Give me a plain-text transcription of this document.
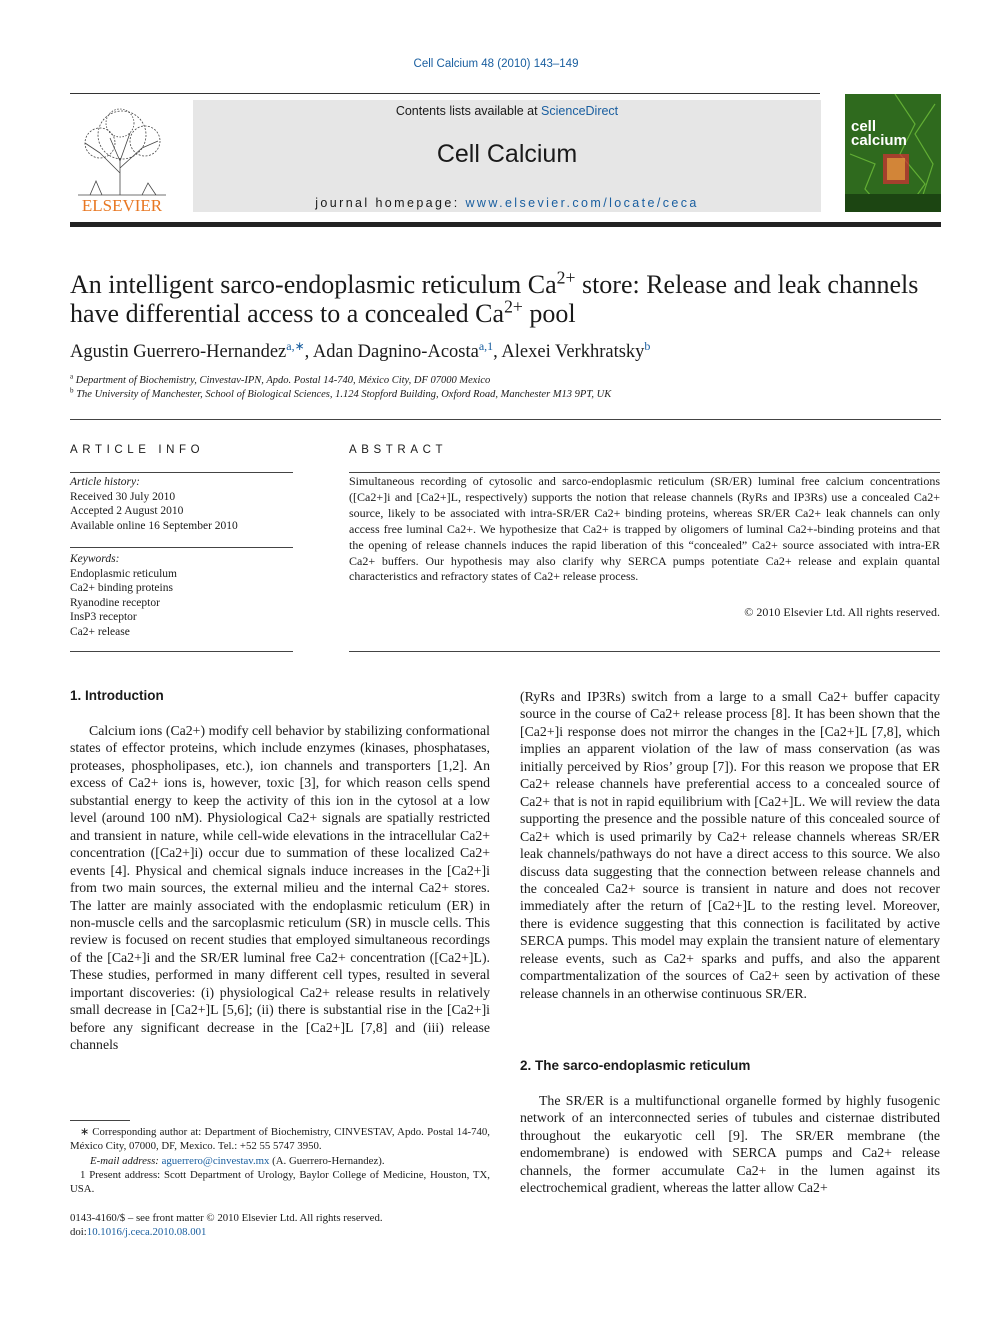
Cell Calcium 48 (2010) 143–149
ELSEVIER
Contents lists available at ScienceDirect
Cell Calcium
journal homepage: www.elsevier.com/locate/ceca
cell
calcium
An intelligent sarco-endoplasmic reticulum $Ca^{2+}$ store: Release and leak channels
have differential access to a concealed $Ca^{2+}$ pool
Agustin Guerrero-Hernandez$^{a,∗}$, Adan Dagnino-Acosta$^{a,1}$, Alexei Verkhratsky$^b$
$^a$ Department of Biochemistry, Cinvestav-IPN, Apdo. Postal 14-740, México City, DF 07000 Mexico
$^b$ The University of Manchester, School of Biological Sciences, 1.124 Stopford Building, Oxford Road, Manchester M13 9PT, UK
ARTICLE INFO
Article history:
Received 30 July 2010
Accepted 2 August 2010
Available online 16 September 2010
Keywords:
Endoplasmic reticulum
Ca2+ binding proteins
Ryanodine receptor
InsP3 receptor
Ca2+ release
ABSTRACT
Simultaneous recording of cytosolic and sarco-endoplasmic reticulum (SR/ER) luminal free calcium concentrations ([Ca2+]i and [Ca2+]L, respectively) supports the notion that release channels (RyRs and IP3Rs) use a concealed Ca2+ source, likely to be associated with intra-SR/ER Ca2+ binding proteins, whereas SR/ER Ca2+ leak channels can only access free luminal Ca2+. We hypothesize that Ca2+ is trapped by oligomers of luminal Ca2+-binding proteins and that the opening of release channels induces the rapid liberation of this “concealed” Ca2+ source associated with intra-ER Ca2+ buffers. Our hypothesis may also clarify why SERCA pumps potentiate Ca2+ release and explain quantal characteristics and refractory states of Ca2+ release process.
© 2010 Elsevier Ltd. All rights reserved.
1. Introduction

Calcium ions (Ca2+) modify cell behavior by stabilizing conformational states of effector proteins, which include enzymes (kinases, phosphatases, proteases, phospholipases, etc.), ion channels and transporters [1,2]. An excess of Ca2+ ions is, however, toxic [3], for which reason cells spend substantial energy to keep the activity of this ion in the cytosol at a low level (around 100 nM). Physiological Ca2+ signals are spatially restricted and transient in nature, while cell-wide elevations in the intracellular Ca2+ concentration ([Ca2+]i) occur due to summation of these localized Ca2+ events [4]. Physical and chemical signals induce increases in the [Ca2+]i from two main sources, the external milieu and the internal Ca2+ stores. The latter are mainly associated with the endoplasmic reticulum (ER) in non-muscle cells and the sarcoplasmic reticulum (SR) in muscle cells. This review is focused on recent studies that employed simultaneous recordings of the [Ca2+]i and the SR/ER luminal free Ca2+ concentration ([Ca2+]L). These studies, performed in many different cell types, resulted in several important discoveries: (i) physiological Ca2+ release results in relatively small decrease in [Ca2+]L [5,6]; (ii) there is substantial rise in the [Ca2+]i before any significant decrease in the [Ca2+]L [7,8] and (iii) release channels

∗ Corresponding author at: Department of Biochemistry, CINVESTAV, Apdo. Postal 14-740, México City, 07000, DF, Mexico. Tel.: +52 55 5747 3950.
E-mail address: aguerrero@cinvestav.mx (A. Guerrero-Hernandez).
1 Present address: Scott Department of Urology, Baylor College of Medicine, Houston, TX, USA.
0143-4160/$ – see front matter © 2010 Elsevier Ltd. All rights reserved.
doi:10.1016/j.ceca.2010.08.001

(RyRs and IP3Rs) switch from a large to a small Ca2+ buffer capacity source in the course of Ca2+ release process [8]. It has been shown that the [Ca2+]i response does not mirror the changes in the [Ca2+]L [7,8], which implies an apparent violation of the law of mass conservation (as was initially perceived by Rios’ group [7]). For this reason we propose that ER Ca2+ release channels have preferential access to a concealed source of Ca2+ that is not in rapid equilibrium with [Ca2+]L. We will review the data supporting the presence and the possible nature of this concealed source of Ca2+ which is used primarily by Ca2+ release channels whereas SR/ER leak channels/pathways do not have a direct access to this source. We also discuss data suggesting that the connection between release channels and the concealed Ca2+ source is transient in nature and does not recover immediately after the return of [Ca2+]L to the resting level. Moreover, there is evidence suggesting that this connection is facilitated by active SERCA pumps. This model may explain the transient nature of elementary release events, such as Ca2+ sparks and puffs, and also the apparent compartmentalization of the sources of Ca2+ seen by activation of these release channels in an otherwise continuous SR/ER.

2. The sarco-endoplasmic reticulum

The SR/ER is a multifunctional organelle formed by highly fusogenic network of an interconnected series of tubules and cisternae distributed throughout the eukaryotic cell [9]. The SR/ER membrane (the endomembrane) is endowed with SERCA pumps and Ca2+ release channels, the former accumulate Ca2+ in the lumen against its electrochemical gradient, whereas the latter allow Ca2+
